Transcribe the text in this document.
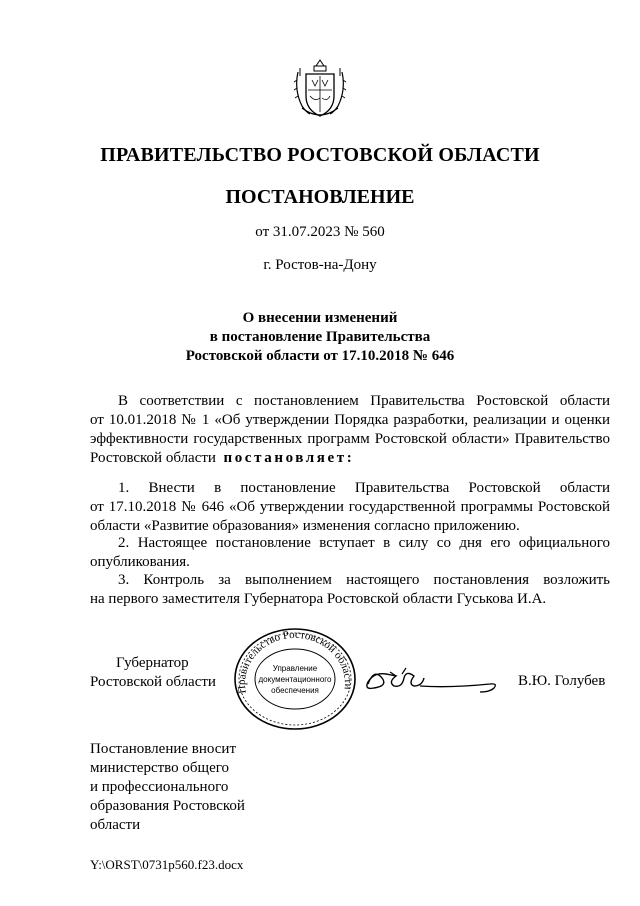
ПРАВИТЕЛЬСТВО РОСТОВСКОЙ ОБЛАСТИ
ПОСТАНОВЛЕНИЕ
от 31.07.2023 № 560
г. Ростов-на-Дону
О внесении изменений
в постановление Правительства
Ростовской области от 17.10.2018 № 646
В соответствии с постановлением Правительства Ростовской области
от 10.01.2018 № 1 «Об утверждении Порядка разработки, реализации и оценки
эффективности государственных программ Ростовской области» Правительство
Ростовской области постановляет:
1. Внести в постановление Правительства Ростовской области
от 17.10.2018 № 646 «Об утверждении государственной программы Ростовской
области «Развитие образования» изменения согласно приложению.
2. Настоящее постановление вступает в силу со дня его официального
опубликования.
3. Контроль за выполнением настоящего постановления возложить
на первого заместителя Губернатора Ростовской области Гуськова И.А.
Губернатор
Ростовской области Правительство Ростовской области
Управление
документационного
обеспечения
В.Ю. Голубев
Постановление вносит
министерство общего
и профессионального
образования Ростовской
области
Y:\ORST\0731p560.f23.docx
